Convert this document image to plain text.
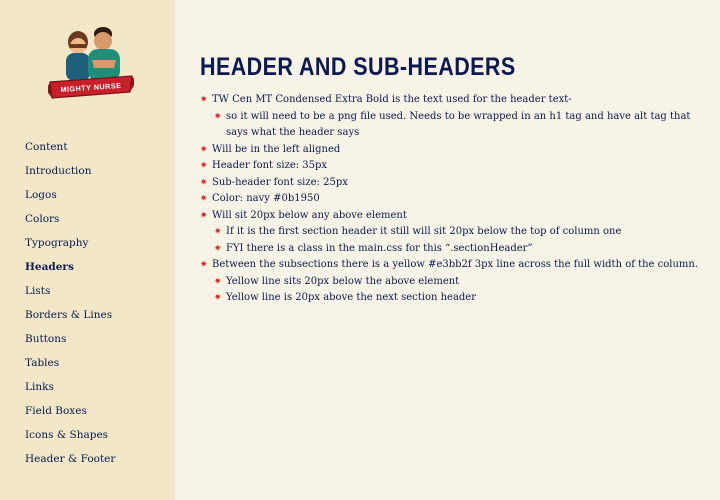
MIGHTY NURSE
Content
Introduction
Logos
Colors
Typography
Headers
Lists
Borders & Lines
Buttons
Tables
Links
Field Boxes
Icons & Shapes
Header & Footer
HEADER AND SUB-HEADERS
✷ TW Cen MT Condensed Extra Bold is the text used for the header text-
✷ so it will need to be a png file used. Needs to be wrapped in an h1 tag and have alt tag that says what the header says
✷ Will be in the left aligned
✷ Header font size: 35px
✷ Sub-header font size: 25px
✷ Color: navy #0b1950
✷ Will sit 20px below any above element
✷ If it is the first section header it still will sit 20px below the top of column one
✷ FYI there is a class in the main.css for this “.sectionHeader”
✷ Between the subsections there is a yellow #e3bb2f 3px line across the full width of the column.
✷ Yellow line sits 20px below the above element
✷ Yellow line is 20px above the next section header
